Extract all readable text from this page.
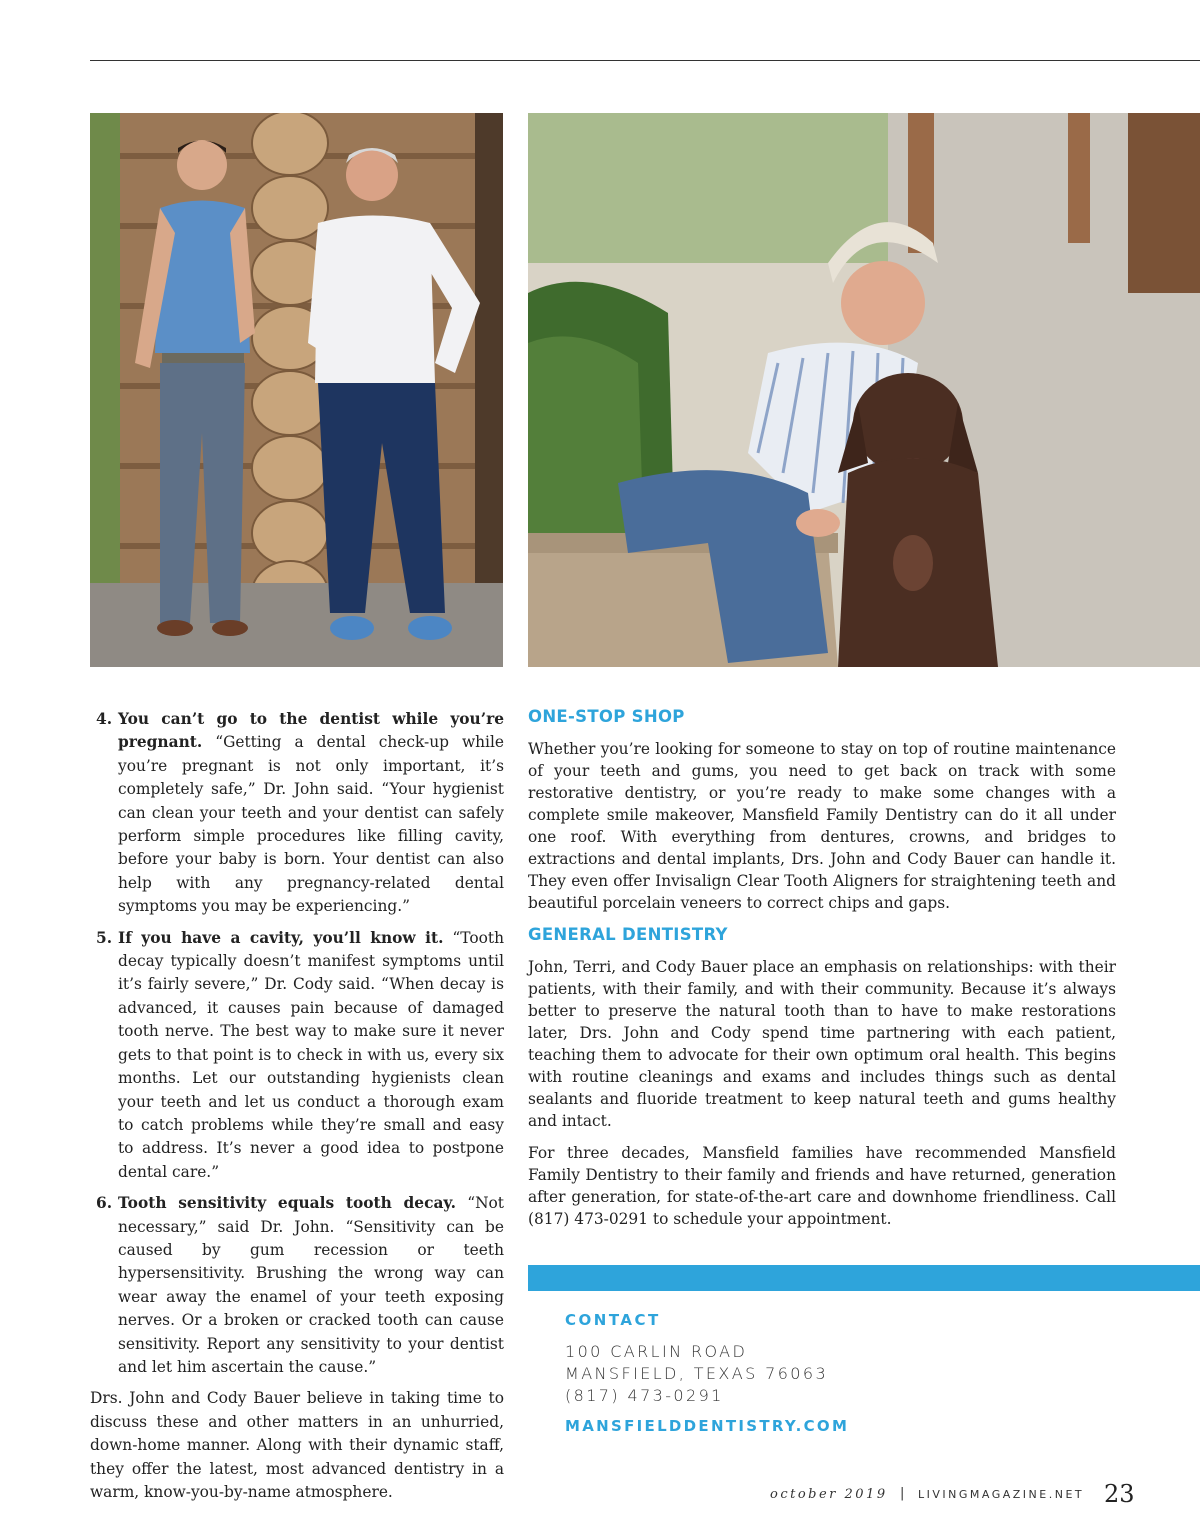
4. You can’t go to the dentist while you’re pregnant. “Getting a dental check-up while you’re pregnant is not only important, it’s completely safe,” Dr. John said. “Your hygienist can clean your teeth and your dentist can safely perform simple procedures like filling cavity, before your baby is born. Your dentist can also help with any pregnancy-related dental symptoms you may be experiencing.”
5. If you have a cavity, you’ll know it. “Tooth decay typically doesn’t manifest symptoms until it’s fairly severe,” Dr. Cody said. “When decay is advanced, it causes pain because of damaged tooth nerve. The best way to make sure it never gets to that point is to check in with us, every six months. Let our outstanding hygienists clean your teeth and let us conduct a thorough exam to catch problems while they’re small and easy to address. It’s never a good idea to postpone dental care.”
6. Tooth sensitivity equals tooth decay. “Not necessary,” said Dr. John. “Sensitivity can be caused by gum recession or teeth hypersensitivity. Brushing the wrong way can wear away the enamel of your teeth exposing nerves. Or a broken or cracked tooth can cause sensitivity. Report any sensitivity to your dentist and let him ascertain the cause.”

Drs. John and Cody Bauer believe in taking time to discuss these and other matters in an unhurried, down-home manner. Along with their dynamic staff, they offer the latest, most advanced dentistry in a warm, know-you-by-name atmosphere.

ONE-STOP SHOP

Whether you’re looking for someone to stay on top of routine maintenance of your teeth and gums, you need to get back on track with some restorative dentistry, or you’re ready to make some changes with a complete smile makeover, Mansfield Family Dentistry can do it all under one roof. With everything from dentures, crowns, and bridges to extractions and dental implants, Drs. John and Cody Bauer can handle it. They even offer Invisalign Clear Tooth Aligners for straightening teeth and beautiful porcelain veneers to correct chips and gaps.

GENERAL DENTISTRY

John, Terri, and Cody Bauer place an emphasis on relationships: with their patients, with their family, and with their community. Because it’s always better to preserve the natural tooth than to have to make restorations later, Drs. John and Cody spend time partnering with each patient, teaching them to advocate for their own optimum oral health. This begins with routine cleanings and exams and includes things such as dental sealants and fluoride treatment to keep natural teeth and gums healthy and intact.

For three decades, Mansfield families have recommended Mansfield Family Dentistry to their family and friends and have returned, generation after generation, for state-of-the-art care and downhome friendliness. Call (817) 473-0291 to schedule your appointment.

CONTACT
100 CARLIN ROAD
MANSFIELD, TEXAS 76063
(817) 473-0291
MANSFIELDDENTISTRY.COM
october 2019 | LIVINGMAGAZINE.NET 23
